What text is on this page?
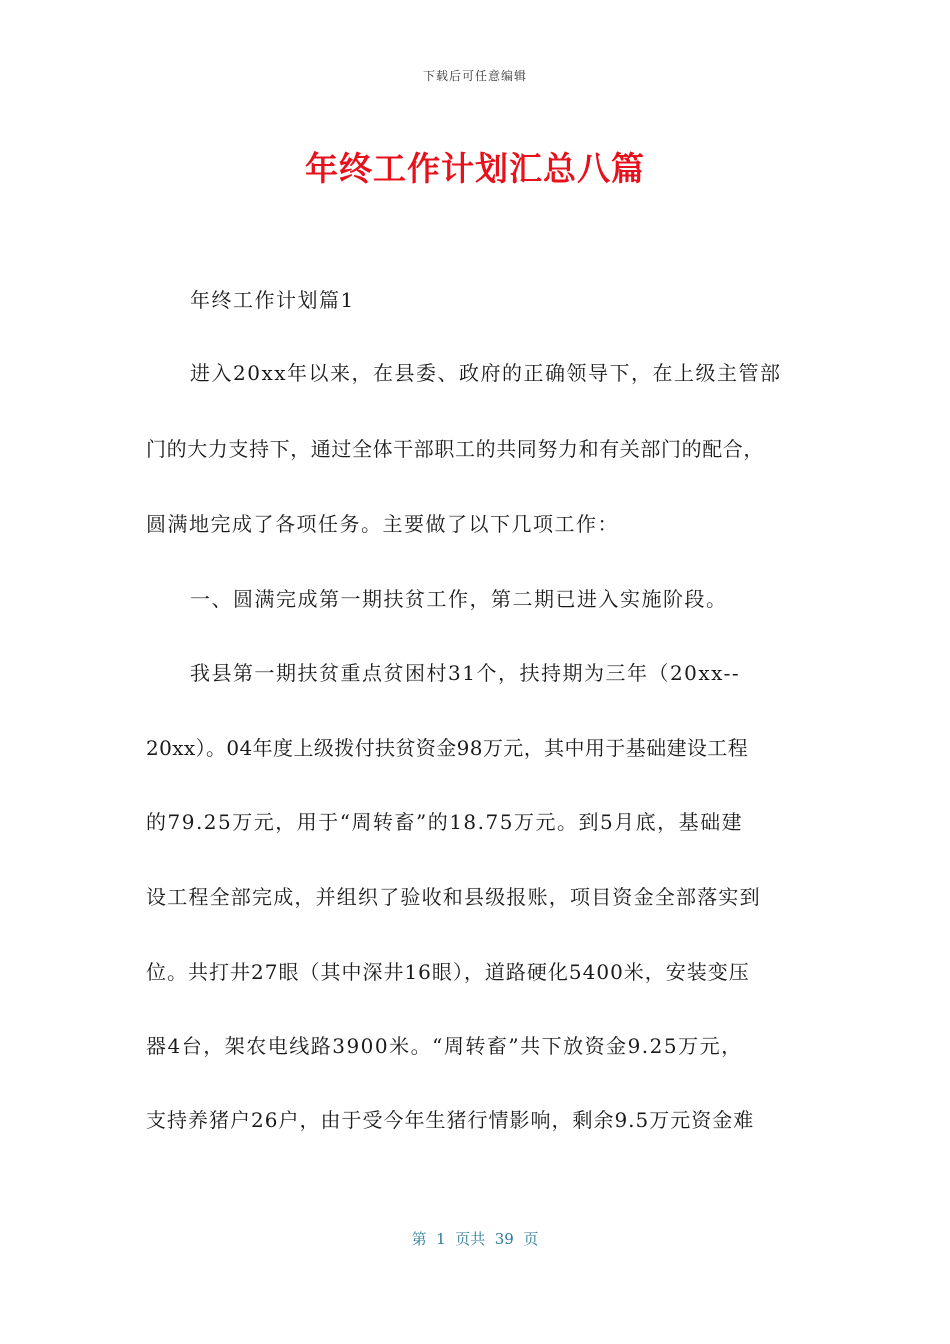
下载后可任意编辑
年终工作计划汇总八篇
年终工作计划篇1
进入20xx年以来，在县委、政府的正确领导下，在上级主管部
门的大力支持下，通过全体干部职工的共同努力和有关部门的配合，
圆满地完成了各项任务。主要做了以下几项工作：
一、圆满完成第一期扶贫工作，第二期已进入实施阶段。
我县第一期扶贫重点贫困村31个，扶持期为三年（20xx--
20xx）。04年度上级拨付扶贫资金98万元，其中用于基础建设工程
的79.25万元，用于“周转畜”的18.75万元。到5月底，基础建
设工程全部完成，并组织了验收和县级报账，项目资金全部落实到
位。共打井27眼（其中深井16眼），道路硬化5400米，安装变压
器4台，架农电线路3900米。“周转畜”共下放资金9.25万元，
支持养猪户26户，由于受今年生猪行情影响，剩余9.5万元资金难
第  1  页共  39  页
